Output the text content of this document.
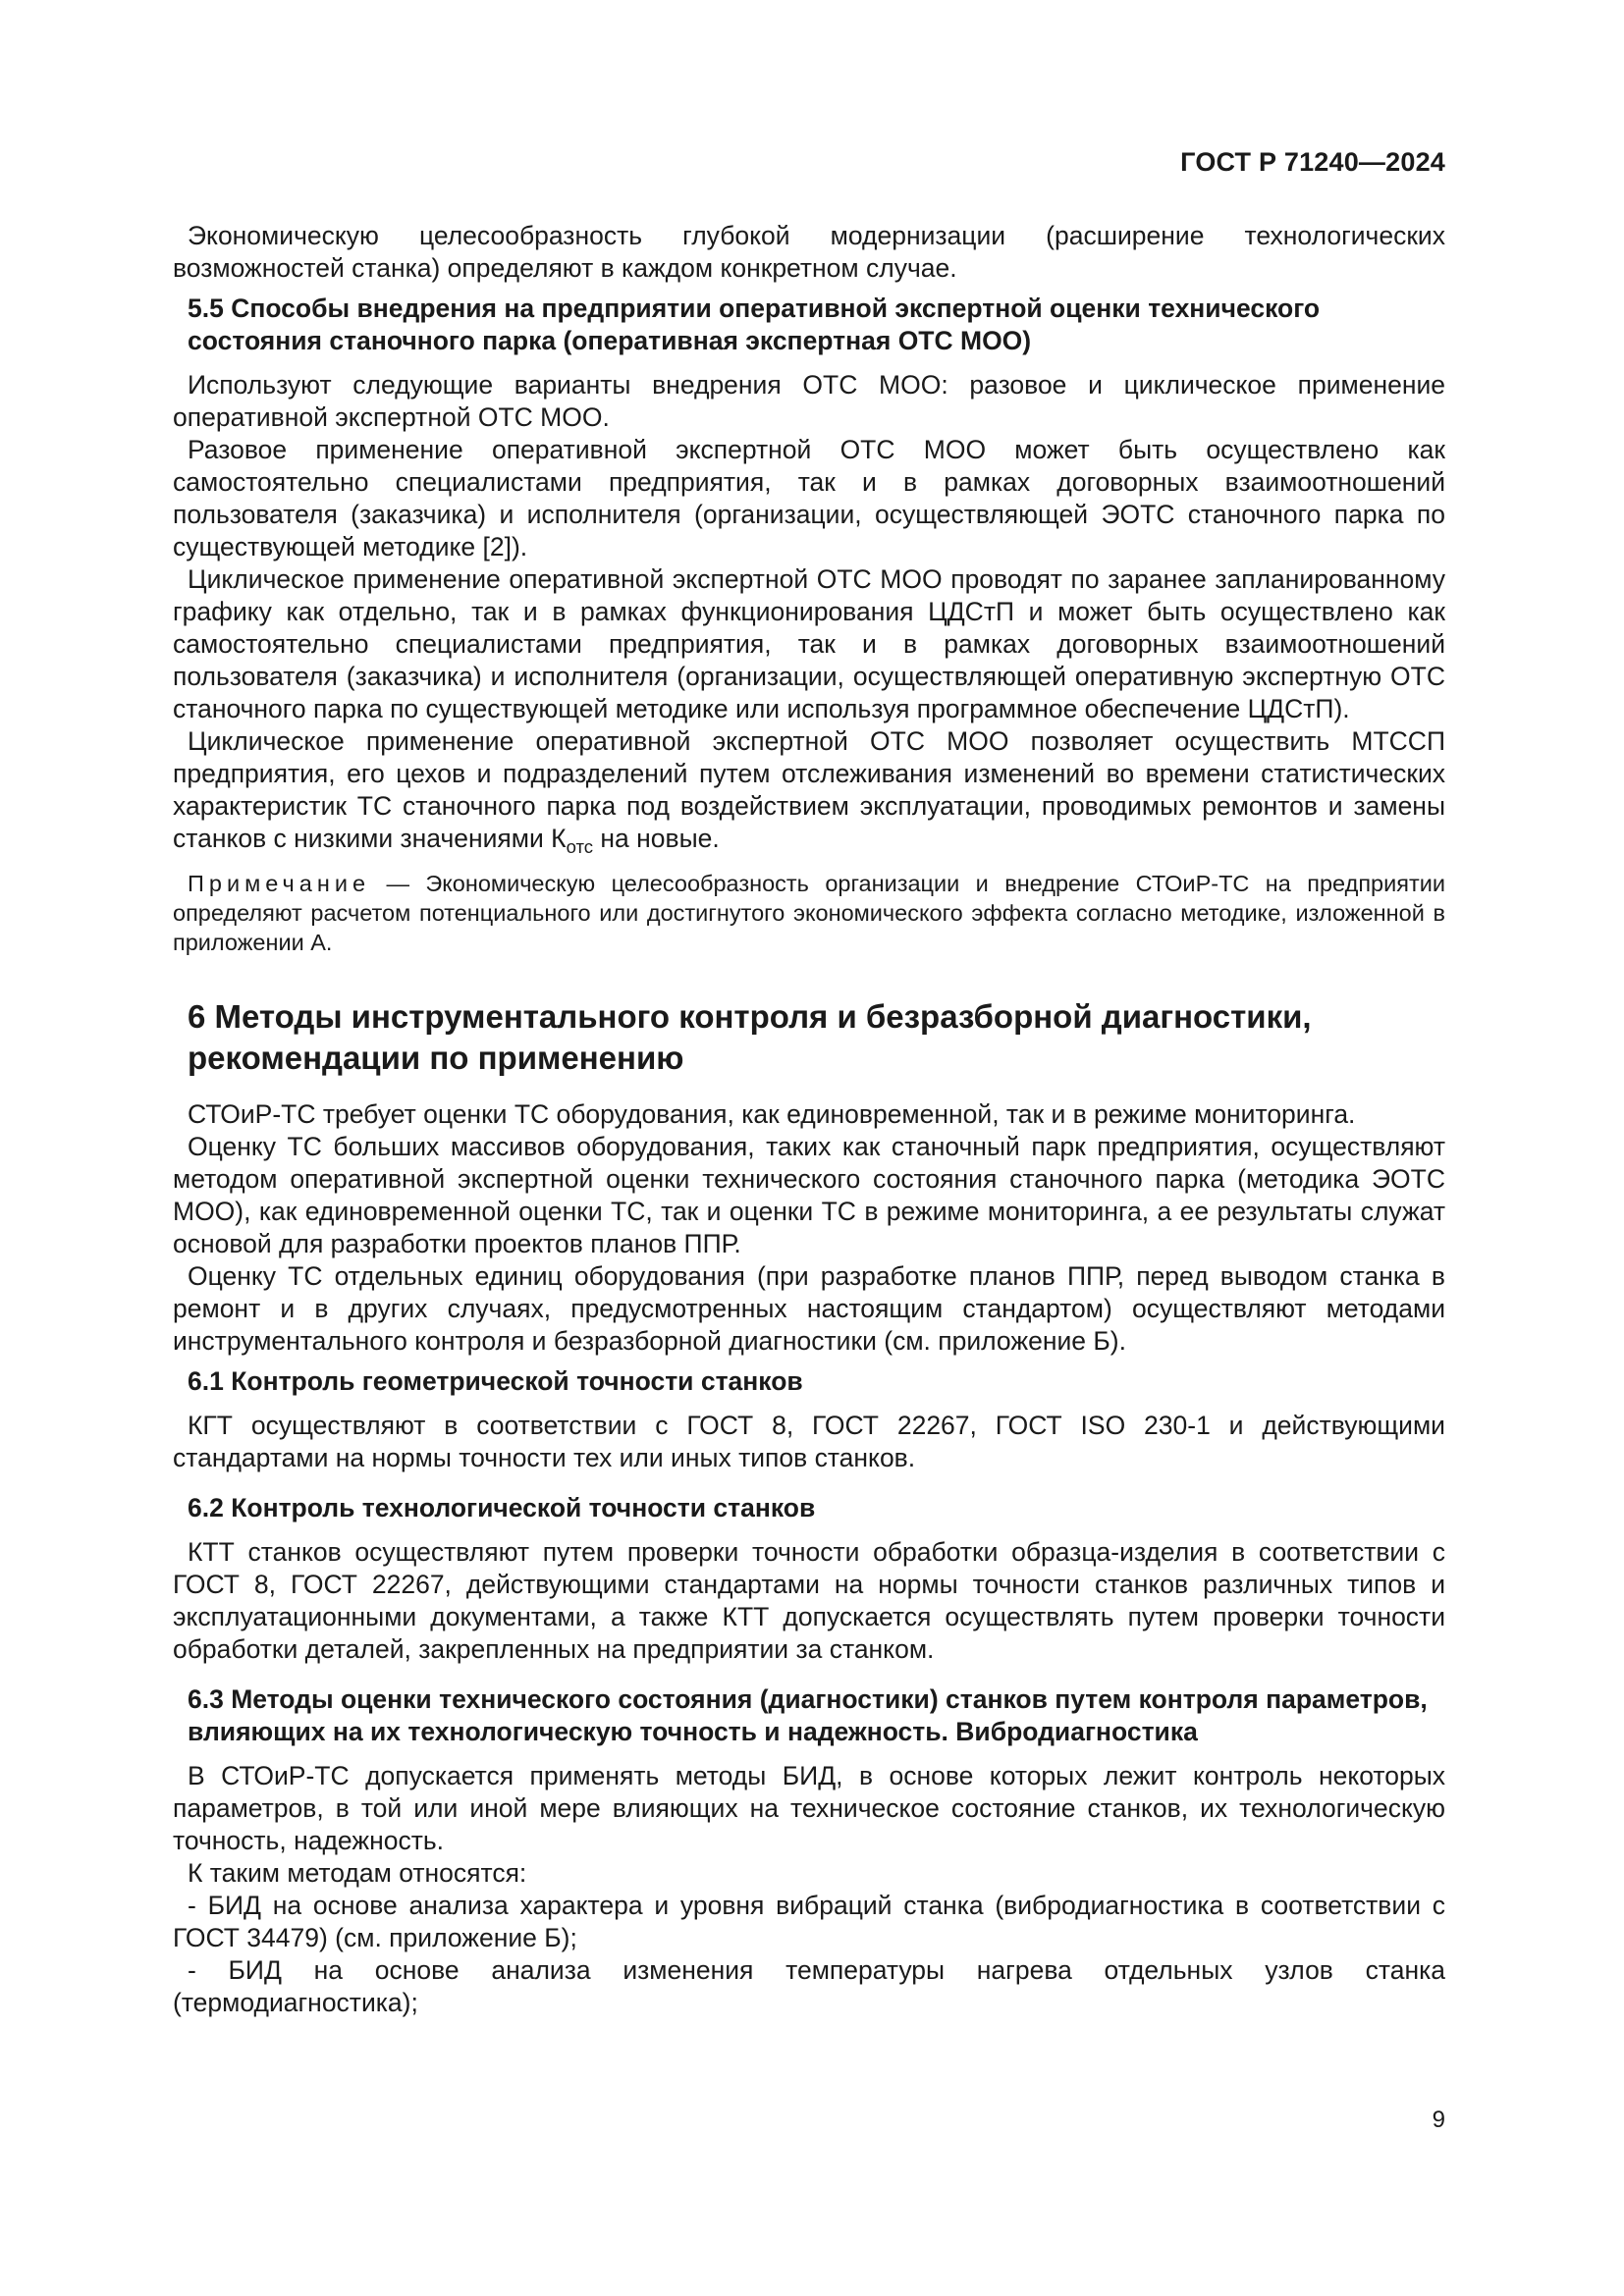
ГОСТ Р 71240—2024

Экономическую целесообразность глубокой модернизации (расширение технологических возможностей станка) определяют в каждом конкретном случае.

5.5 Способы внедрения на предприятии оперативной экспертной оценки технического состояния станочного парка (оперативная экспертная ОТС МОО)

Используют следующие варианты внедрения ОТС МОО: разовое и циклическое применение оперативной экспертной ОТС МОО.

Разовое применение оперативной экспертной ОТС МОО может быть осуществлено как самостоятельно специалистами предприятия, так и в рамках договорных взаимоотношений пользователя (заказчика) и исполнителя (организации, осуществляющей ЭОТС станочного парка по существующей методике [2]).

Циклическое применение оперативной экспертной ОТС МОО проводят по заранее запланированному графику как отдельно, так и в рамках функционирования ЦДСтП и может быть осуществлено как самостоятельно специалистами предприятия, так и в рамках договорных взаимоотношений пользователя (заказчика) и исполнителя (организации, осуществляющей оперативную экспертную ОТС станочного парка по существующей методике или используя программное обеспечение ЦДСтП).

Циклическое применение оперативной экспертной ОТС МОО позволяет осуществить МТССП предприятия, его цехов и подразделений путем отслеживания изменений во времени статистических характеристик ТС станочного парка под воздействием эксплуатации, проводимых ремонтов и замены станков с низкими значениями $К_{отс}$ на новые.

Примечание — Экономическую целесообразность организации и внедрение СТОиР-ТС на предприятии определяют расчетом потенциального или достигнутого экономического эффекта согласно методике, изложенной в приложении А.
6 Методы инструментального контроля и безразборной диагностики, рекомендации по применению

СТОиР-ТС требует оценки ТС оборудования, как единовременной, так и в режиме мониторинга.

Оценку ТС больших массивов оборудования, таких как станочный парк предприятия, осуществляют методом оперативной экспертной оценки технического состояния станочного парка (методика ЭОТС МОО), как единовременной оценки ТС, так и оценки ТС в режиме мониторинга, а ее результаты служат основой для разработки проектов планов ППР.

Оценку ТС отдельных единиц оборудования (при разработке планов ППР, перед выводом станка в ремонт и в других случаях, предусмотренных настоящим стандартом) осуществляют методами инструментального контроля и безразборной диагностики (см. приложение Б).

6.1 Контроль геометрической точности станков

КГТ осуществляют в соответствии с ГОСТ 8, ГОСТ 22267, ГОСТ ISO 230-1 и действующими стандартами на нормы точности тех или иных типов станков.

6.2 Контроль технологической точности станков

КТТ станков осуществляют путем проверки точности обработки образца-изделия в соответствии с ГОСТ 8, ГОСТ 22267, действующими стандартами на нормы точности станков различных типов и эксплуатационными документами, а также КТТ допускается осуществлять путем проверки точности обработки деталей, закрепленных на предприятии за станком.

6.3 Методы оценки технического состояния (диагностики) станков путем контроля параметров, влияющих на их технологическую точность и надежность. Вибродиагностика

В СТОиР-ТС допускается применять методы БИД, в основе которых лежит контроль некоторых параметров, в той или иной мере влияющих на техническое состояние станков, их технологическую точность, надежность.

К таким методам относятся:

- БИД на основе анализа характера и уровня вибраций станка (вибродиагностика в соответствии с ГОСТ 34479) (см. приложение Б);

- БИД на основе анализа изменения температуры нагрева отдельных узлов станка (термодиагностика);

9
